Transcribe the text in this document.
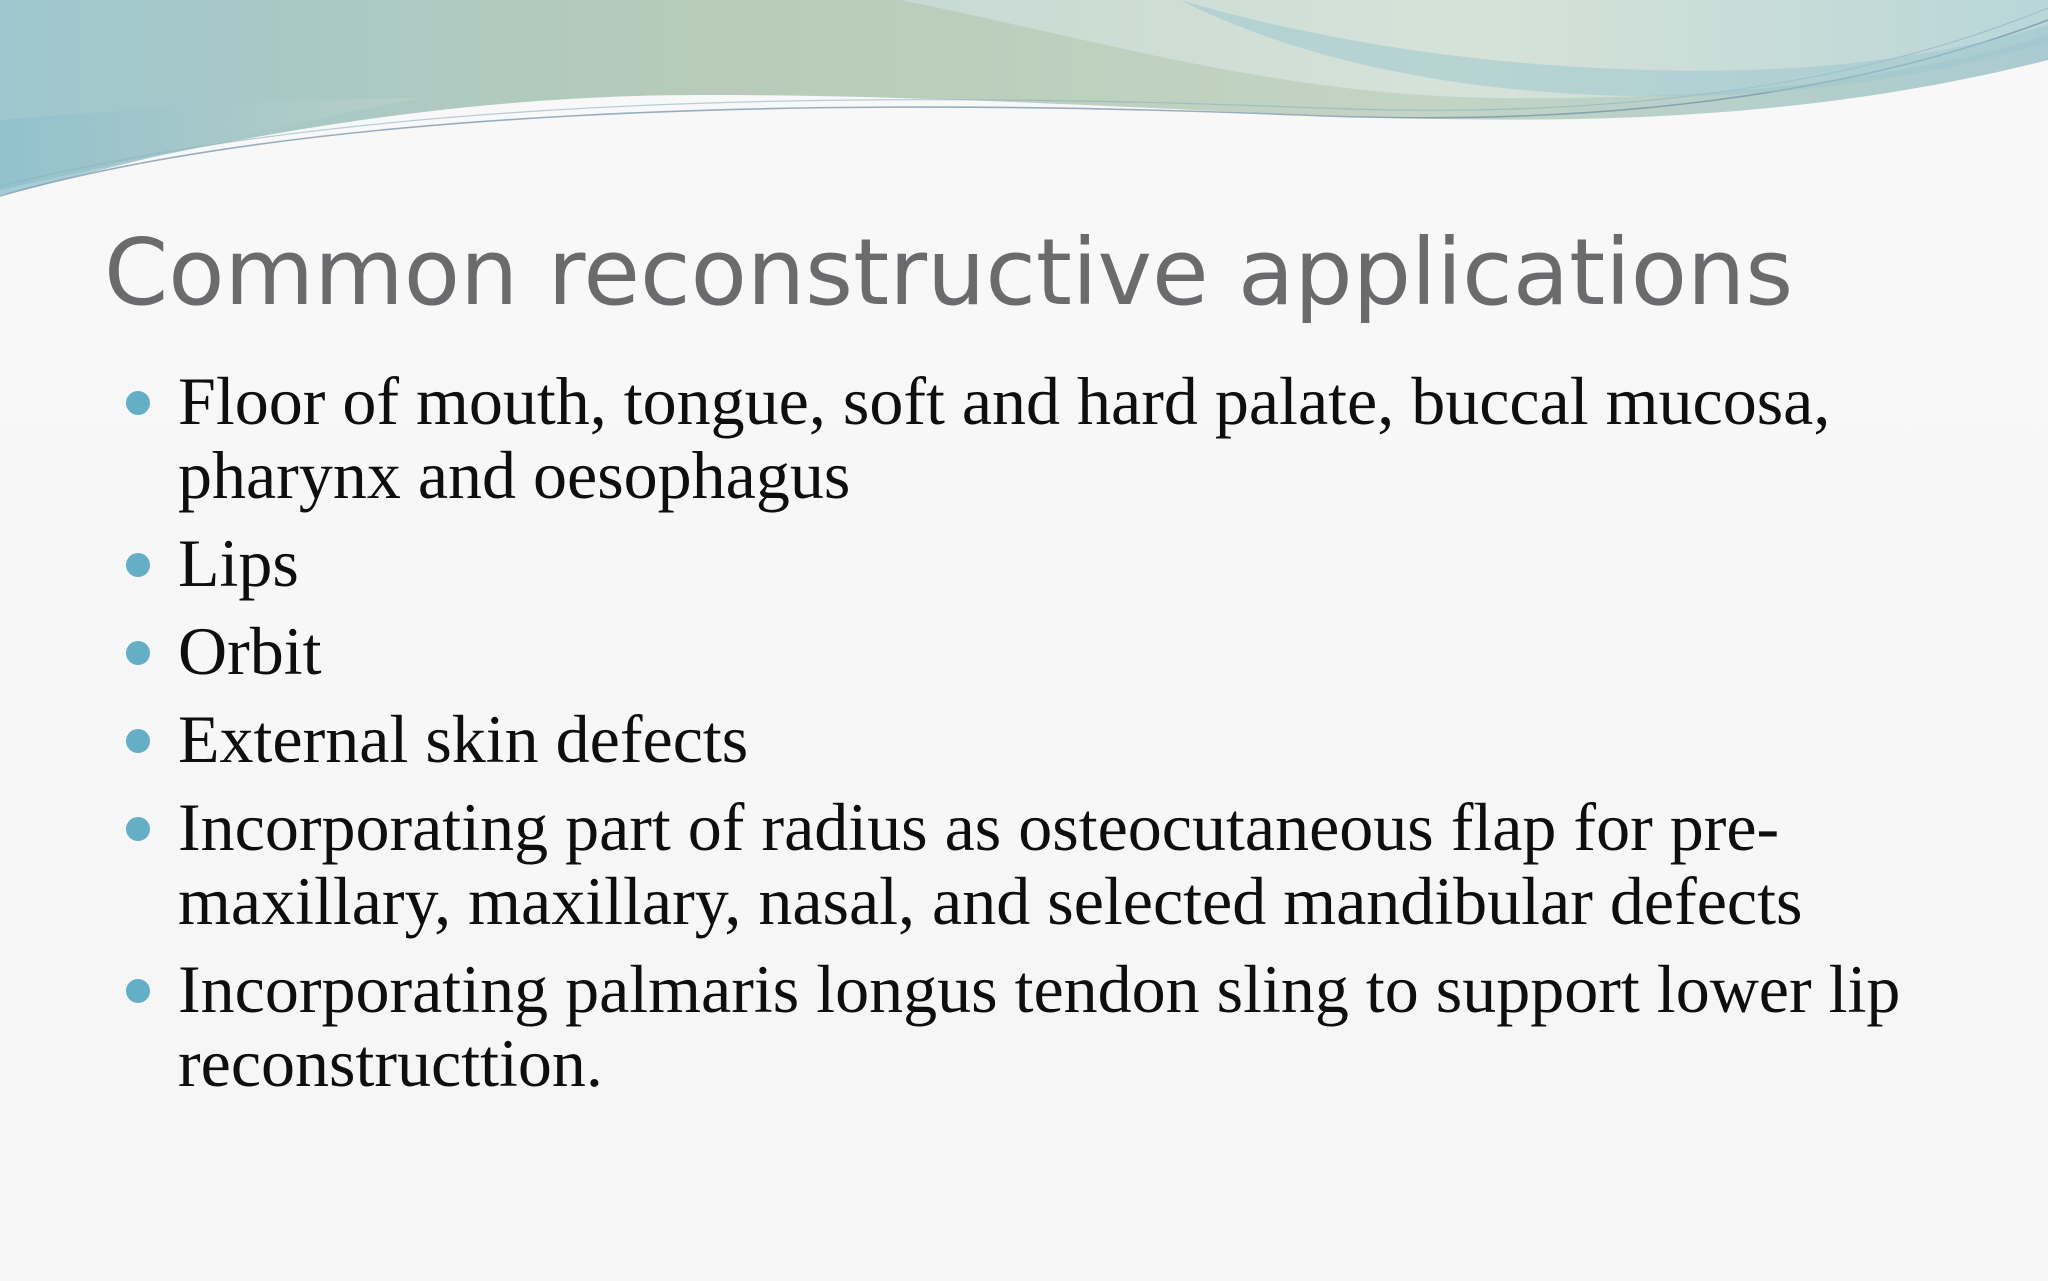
Common reconstructive applications
Floor of mouth, tongue, soft and hard palate, buccal mucosa, pharynx and oesophagus
Lips
Orbit
External skin defects
Incorporating part of radius as osteocutaneous flap for pre-maxillary, maxillary, nasal, and selected mandibular defects
Incorporating palmaris longus tendon sling to support lower lip reconstructtion.
